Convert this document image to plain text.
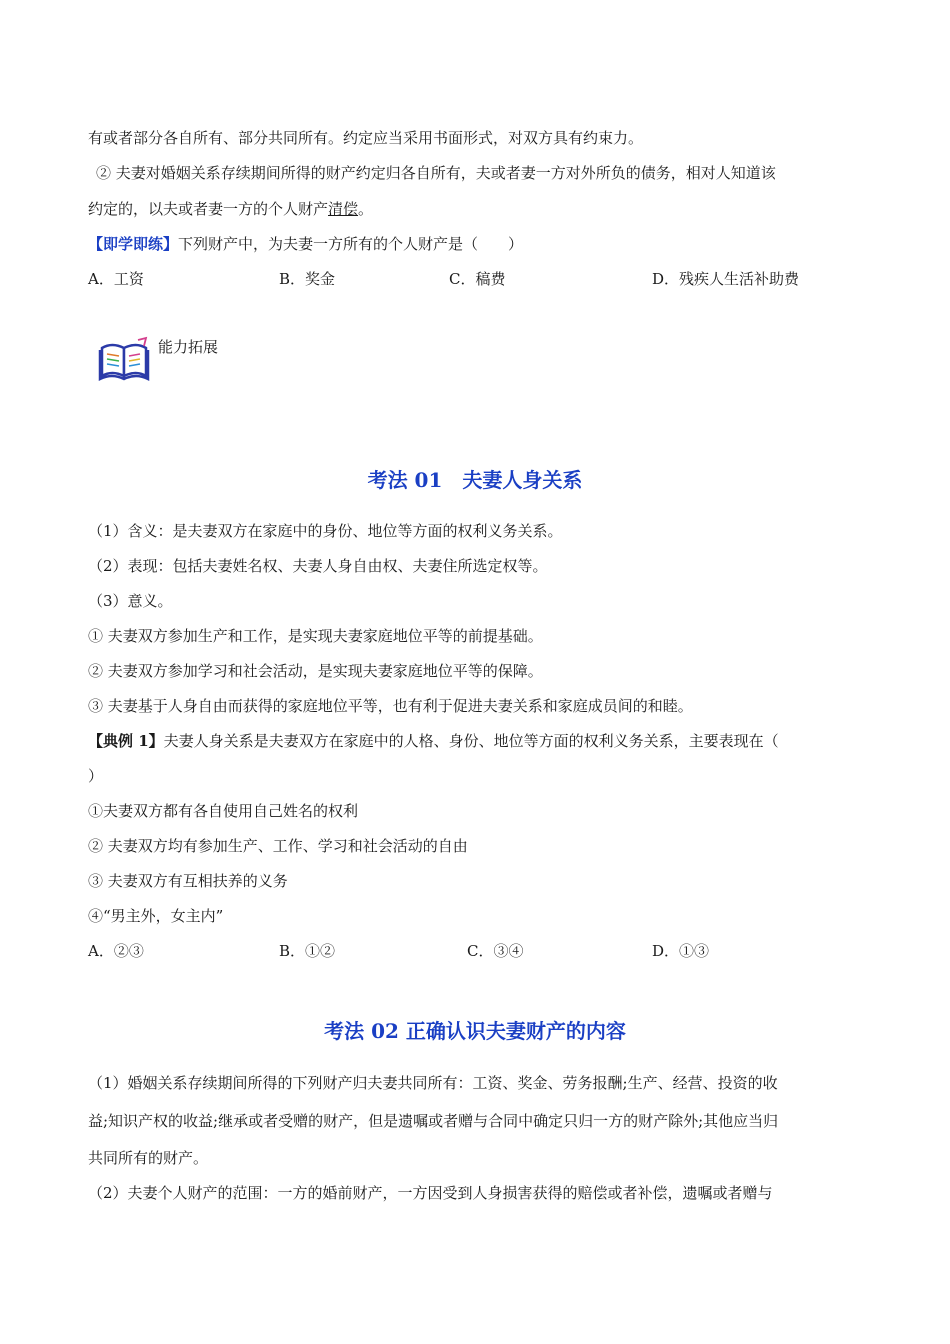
有或者部分各自所有、部分共同所有。约定应当采用书面形式，对双方具有约束力。
② 夫妻对婚姻关系存续期间所得的财产约定归各自所有，夫或者妻一方对外所负的债务，相对人知道该
约定的，以夫或者妻一方的个人财产清偿。
【即学即练】下列财产中，为夫妻一方所有的个人财产是（　　）
A．工资	B．奖金	C．稿费	D．残疾人生活补助费
能力拓展
考法 01　夫妻人身关系
（1）含义：是夫妻双方在家庭中的身份、地位等方面的权利义务关系。
（2）表现：包括夫妻姓名权、夫妻人身自由权、夫妻住所选定权等。
（3）意义。
① 夫妻双方参加生产和工作，是实现夫妻家庭地位平等的前提基础。
② 夫妻双方参加学习和社会活动，是实现夫妻家庭地位平等的保障。
③ 夫妻基于人身自由而获得的家庭地位平等，也有利于促进夫妻关系和家庭成员间的和睦。
【典例 1】夫妻人身关系是夫妻双方在家庭中的人格、身份、地位等方面的权利义务关系，主要表现在（
）
①夫妻双方都有各自使用自己姓名的权利
② 夫妻双方均有参加生产、工作、学习和社会活动的自由
③ 夫妻双方有互相扶养的义务
④“男主外，女主内”
A．②③	B．①②	C．③④	D．①③
考法 02 正确认识夫妻财产的内容
（1）婚姻关系存续期间所得的下列财产归夫妻共同所有：工资、奖金、劳务报酬;生产、经营、投资的收
益;知识产权的收益;继承或者受赠的财产，但是遗嘱或者赠与合同中确定只归一方的财产除外;其他应当归
共同所有的财产。
（2）夫妻个人财产的范围：一方的婚前财产，一方因受到人身损害获得的赔偿或者补偿，遗嘱或者赠与
